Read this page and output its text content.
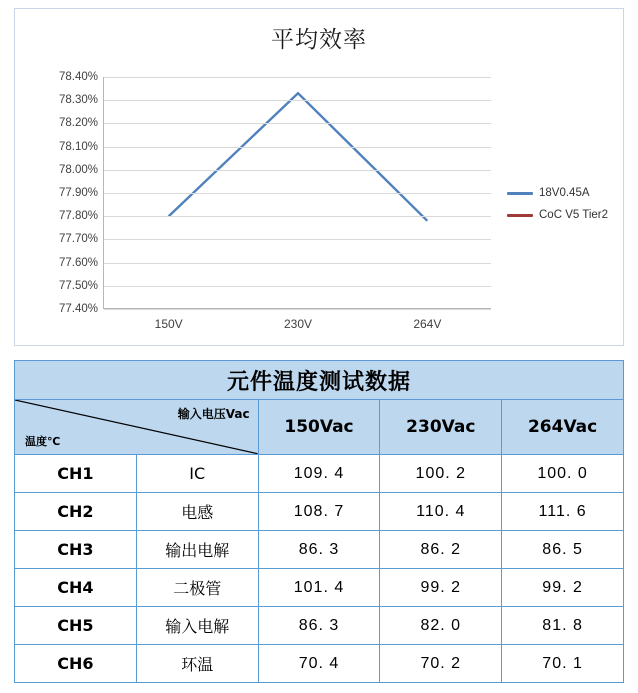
平均效率
78.40%
78.30%
78.20%
78.10%
78.00%
77.90%
77.80%
77.70%
77.60%
77.50%
77.40%
150V	230V	264V
18V0.45A
CoC V5 Tier2
元件温度测试数据				

输入电压Vac
温度℃		150Vac	230Vac	264Vac
CH1	IC	109. 4	100. 2	100. 0
CH2	电感	108. 7	110. 4	111. 6
CH3	输出电解	86. 3	86. 2	86. 5
CH4	二极管	101. 4	99. 2	99. 2
CH5	输入电解	86. 3	82. 0	81. 8
CH6	环温	70. 4	70. 2	70. 1
